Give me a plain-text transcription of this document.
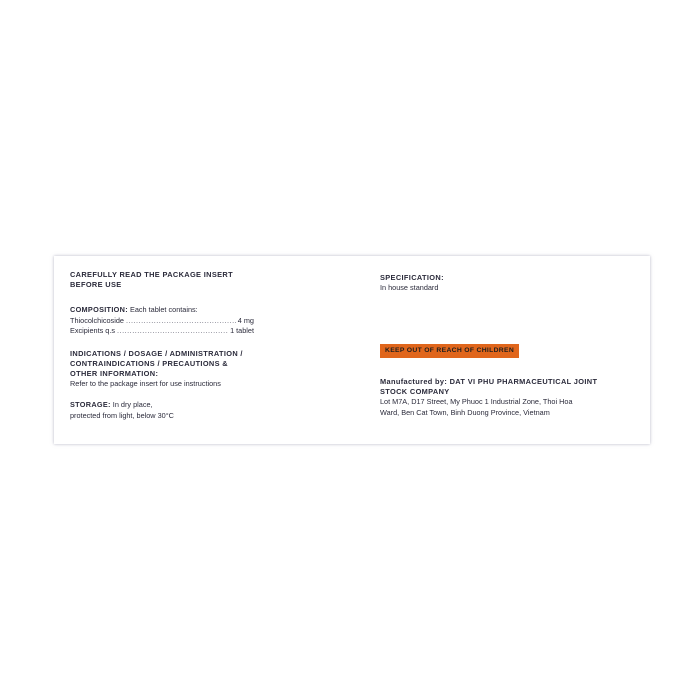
CAREFULLY READ THE PACKAGE INSERT
BEFORE USE
COMPOSITION: Each tablet contains:
Thiocolchicoside .....	4 mg
Excipients q.s .....	1 tablet
INDICATIONS / DOSAGE / ADMINISTRATION /
CONTRAINDICATIONS / PRECAUTIONS &
OTHER INFORMATION:
Refer to the package insert for use instructions
STORAGE: In dry place,
protected from light, below 30°C
SPECIFICATION:
In house standard
KEEP OUT OF REACH OF CHILDREN
Manufactured by: DAT VI PHU PHARMACEUTICAL JOINT
STOCK COMPANY
Lot M7A, D17 Street, My Phuoc 1 Industrial Zone, Thoi Hoa
Ward, Ben Cat Town, Binh Duong Province, Vietnam
